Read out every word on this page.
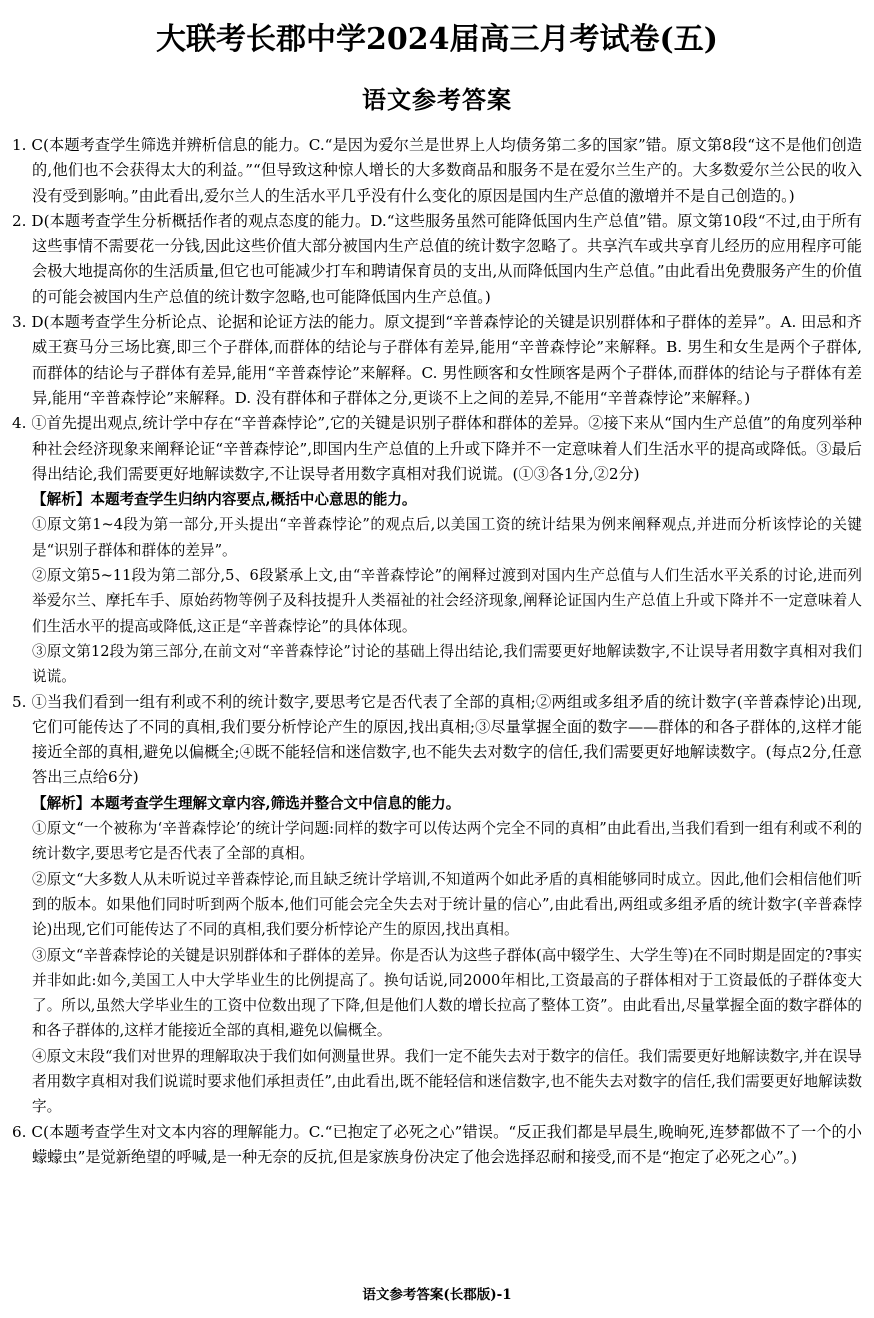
大联考长郡中学2024届高三月考试卷(五)
语文参考答案

1. C(本题考查学生筛选并辨析信息的能力。C.“是因为爱尔兰是世界上人均债务第二多的国家”错。原文第8段“这不是他们创造的,他们也不会获得太大的利益。”“但导致这种惊人增长的大多数商品和服务不是在爱尔兰生产的。大多数爱尔兰公民的收入没有受到影响。”由此看出,爱尔兰人的生活水平几乎没有什么变化的原因是国内生产总值的激增并不是自己创造的。)

2. D(本题考查学生分析概括作者的观点态度的能力。D.“这些服务虽然可能降低国内生产总值”错。原文第10段“不过,由于所有这些事情不需要花一分钱,因此这些价值大部分被国内生产总值的统计数字忽略了。共享汽车或共享育儿经历的应用程序可能会极大地提高你的生活质量,但它也可能减少打车和聘请保育员的支出,从而降低国内生产总值。”由此看出免费服务产生的价值的可能会被国内生产总值的统计数字忽略,也可能降低国内生产总值。)

3. D(本题考查学生分析论点、论据和论证方法的能力。原文提到“辛普森悖论的关键是识别群体和子群体的差异”。A. 田忌和齐威王赛马分三场比赛,即三个子群体,而群体的结论与子群体有差异,能用“辛普森悖论”来解释。B. 男生和女生是两个子群体,而群体的结论与子群体有差异,能用“辛普森悖论”来解释。C. 男性顾客和女性顾客是两个子群体,而群体的结论与子群体有差异,能用“辛普森悖论”来解释。D. 没有群体和子群体之分,更谈不上之间的差异,不能用“辛普森悖论”来解释。)

4. ①首先提出观点,统计学中存在“辛普森悖论”,它的关键是识别子群体和群体的差异。②接下来从“国内生产总值”的角度列举种种社会经济现象来阐释论证“辛普森悖论”,即国内生产总值的上升或下降并不一定意味着人们生活水平的提高或降低。③最后得出结论,我们需要更好地解读数字,不让误导者用数字真相对我们说谎。(①③各1分,②2分)

【解析】本题考查学生归纳内容要点,概括中心意思的能力。

①原文第1~4段为第一部分,开头提出“辛普森悖论”的观点后,以美国工资的统计结果为例来阐释观点,并进而分析该悖论的关键是“识别子群体和群体的差异”。

②原文第5~11段为第二部分,5、6段紧承上文,由“辛普森悖论”的阐释过渡到对国内生产总值与人们生活水平关系的讨论,进而列举爱尔兰、摩托车手、原始药物等例子及科技提升人类福祉的社会经济现象,阐释论证国内生产总值上升或下降并不一定意味着人们生活水平的提高或降低,这正是“辛普森悖论”的具体体现。

③原文第12段为第三部分,在前文对“辛普森悖论”讨论的基础上得出结论,我们需要更好地解读数字,不让误导者用数字真相对我们说谎。

5. ①当我们看到一组有利或不利的统计数字,要思考它是否代表了全部的真相;②两组或多组矛盾的统计数字(辛普森悖论)出现,它们可能传达了不同的真相,我们要分析悖论产生的原因,找出真相;③尽量掌握全面的数字——群体的和各子群体的,这样才能接近全部的真相,避免以偏概全;④既不能轻信和迷信数字,也不能失去对数字的信任,我们需要更好地解读数字。(每点2分,任意答出三点给6分)

【解析】本题考查学生理解文章内容,筛选并整合文中信息的能力。

①原文“一个被称为‘辛普森悖论’的统计学问题:同样的数字可以传达两个完全不同的真相”由此看出,当我们看到一组有利或不利的统计数字,要思考它是否代表了全部的真相。

②原文“大多数人从未听说过辛普森悖论,而且缺乏统计学培训,不知道两个如此矛盾的真相能够同时成立。因此,他们会相信他们听到的版本。如果他们同时听到两个版本,他们可能会完全失去对于统计量的信心”,由此看出,两组或多组矛盾的统计数字(辛普森悖论)出现,它们可能传达了不同的真相,我们要分析悖论产生的原因,找出真相。

③原文“辛普森悖论的关键是识别群体和子群体的差异。你是否认为这些子群体(高中辍学生、大学生等)在不同时期是固定的?事实并非如此:如今,美国工人中大学毕业生的比例提高了。换句话说,同2000年相比,工资最高的子群体相对于工资最低的子群体变大了。所以,虽然大学毕业生的工资中位数出现了下降,但是他们人数的增长拉高了整体工资”。由此看出,尽量掌握全面的数字群体的和各子群体的,这样才能接近全部的真相,避免以偏概全。

④原文末段“我们对世界的理解取决于我们如何测量世界。我们一定不能失去对于数字的信任。我们需要更好地解读数字,并在误导者用数字真相对我们说谎时要求他们承担责任”,由此看出,既不能轻信和迷信数字,也不能失去对数字的信任,我们需要更好地解读数字。

6. C(本题考查学生对文本内容的理解能力。C.“已抱定了必死之心”错误。“反正我们都是早晨生,晚晌死,连梦都做不了一个的小蠓蠓虫”是觉新绝望的呼喊,是一种无奈的反抗,但是家族身份决定了他会选择忍耐和接受,而不是“抱定了必死之心”。)

语文参考答案(长郡版)-1
